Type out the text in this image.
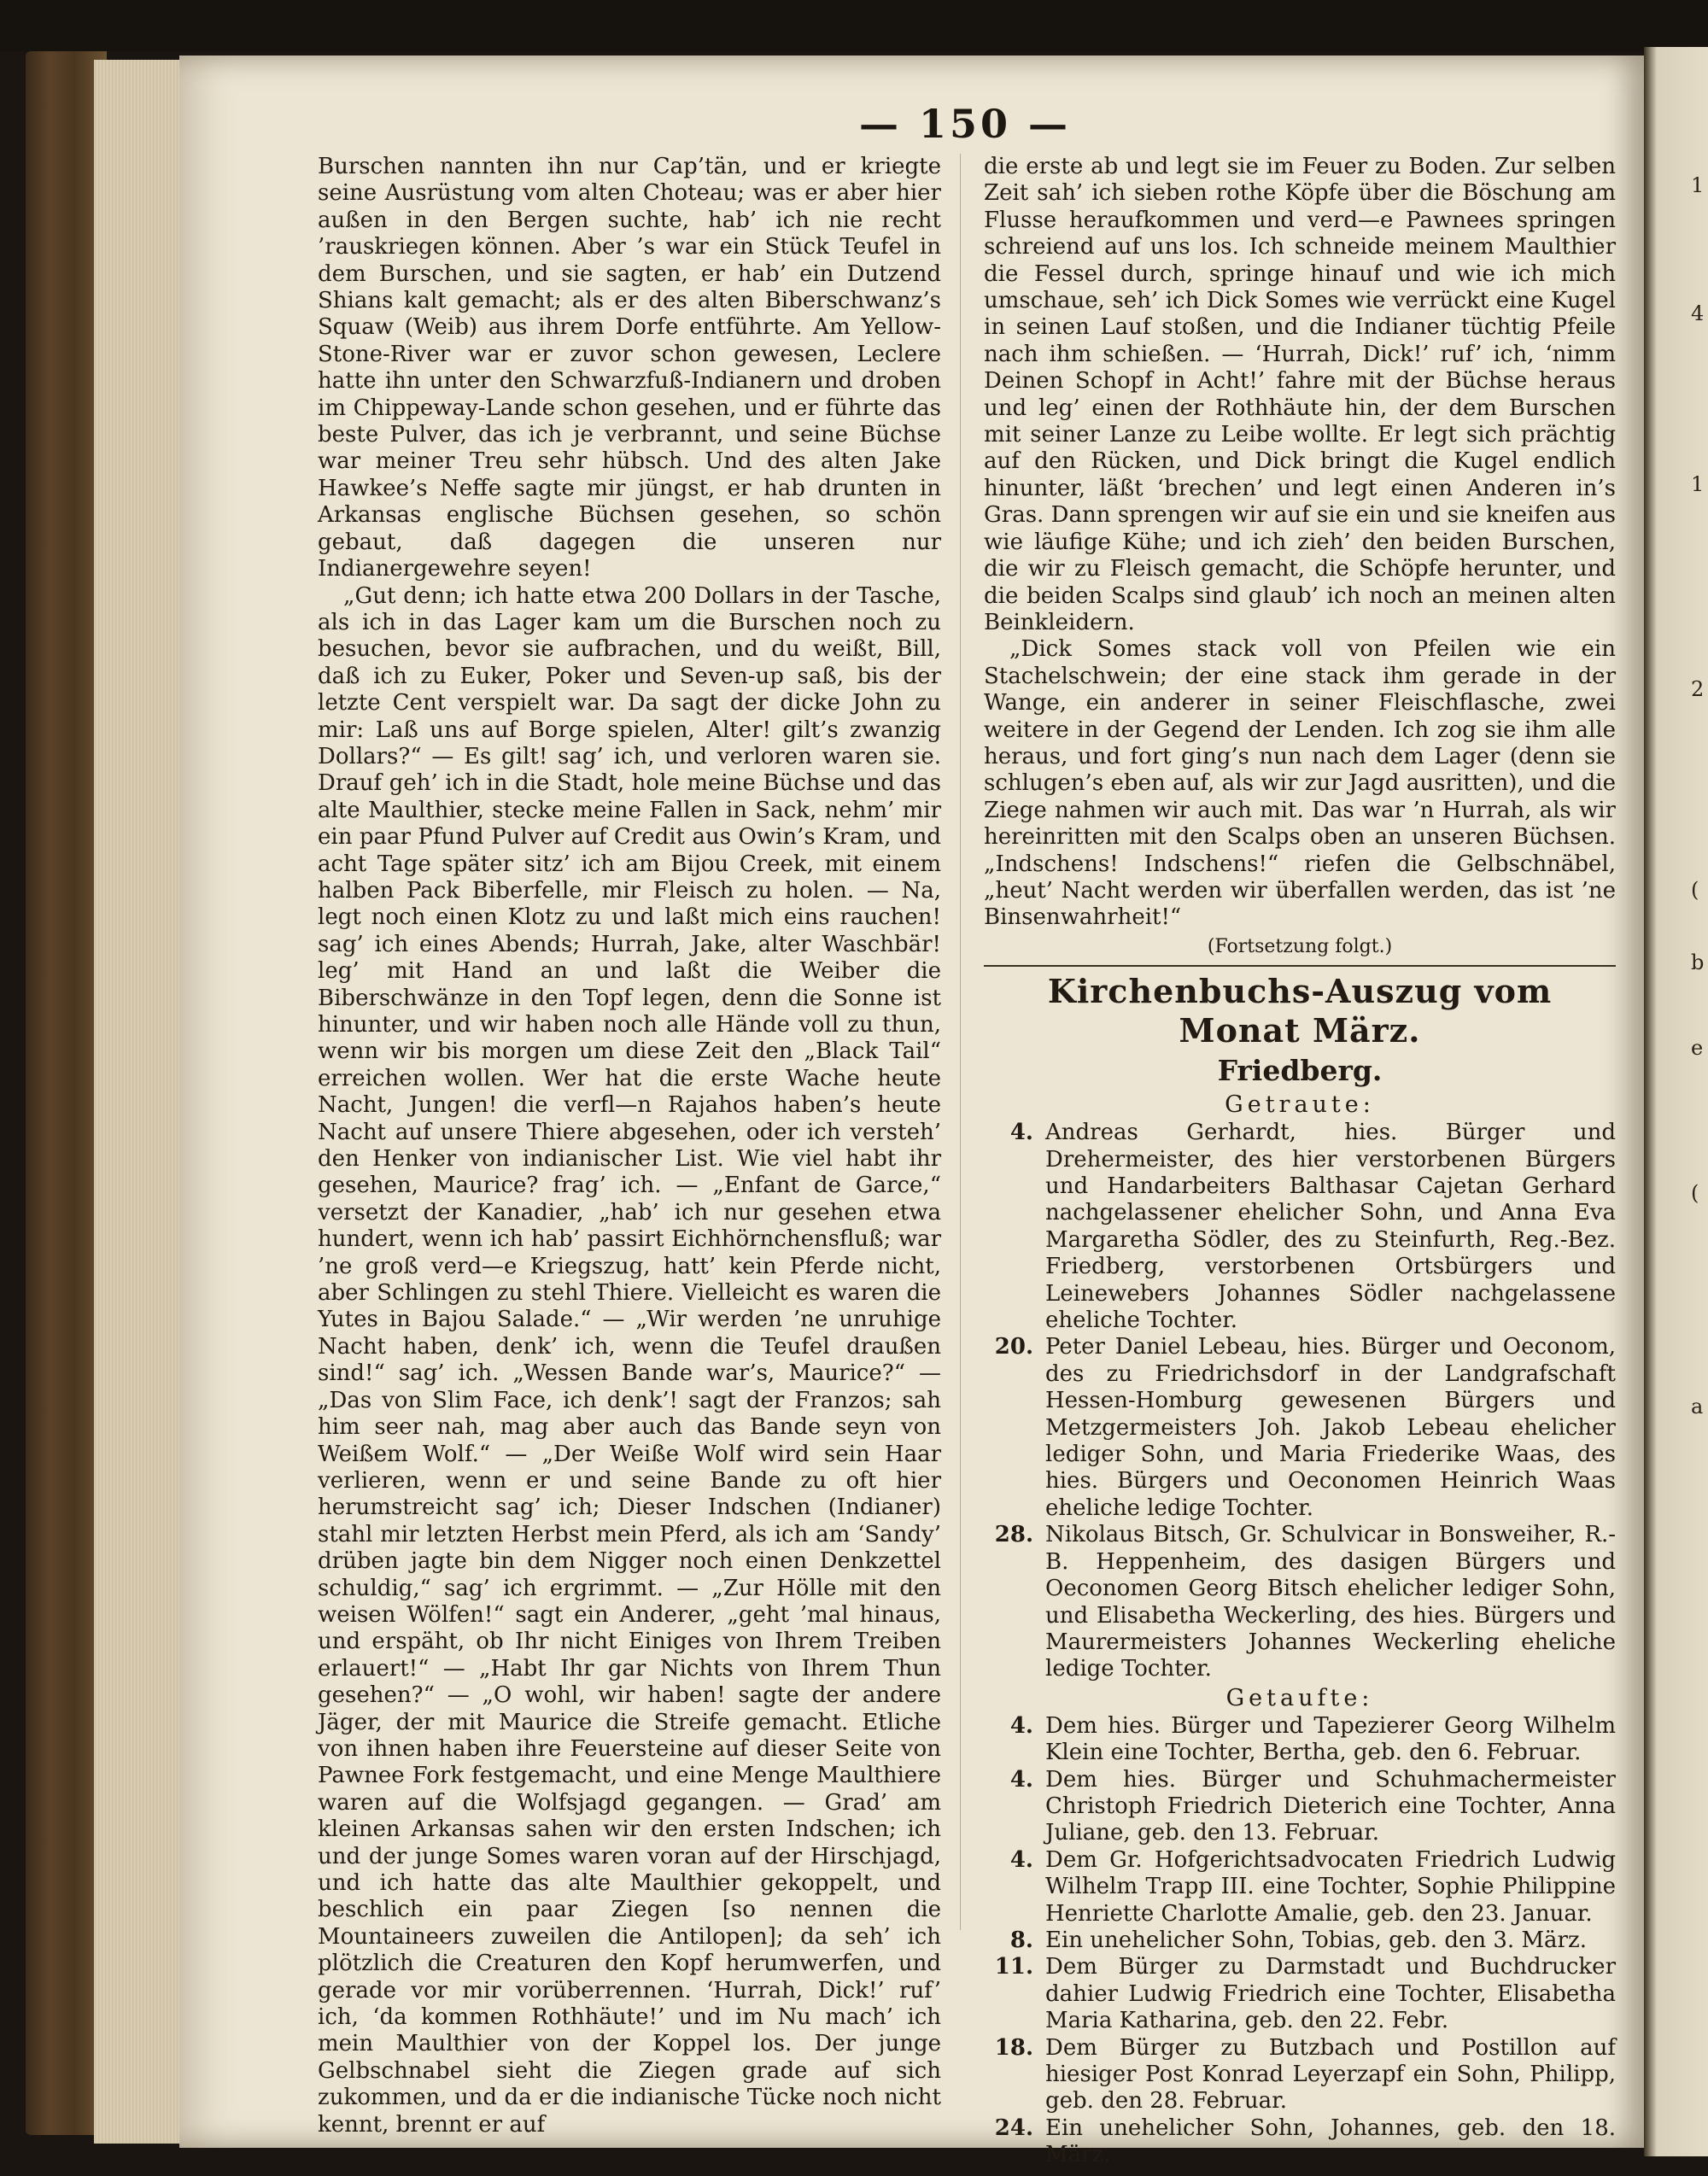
1
4
1
2
(
b
e
(
a
— 150 —

Burschen nannten ihn nur Cap’tän, und er kriegte seine Ausrüstung vom alten Choteau; was er aber hier außen in den Bergen suchte, hab’ ich nie recht ’rauskriegen können. Aber ’s war ein Stück Teufel in dem Burschen, und sie sagten, er hab’ ein Dutzend Shians kalt gemacht; als er des alten Biberschwanz’s Squaw (Weib) aus ihrem Dorfe entführte. Am Yellow-Stone-River war er zuvor schon gewesen, Leclere hatte ihn unter den Schwarzfuß-Indianern und droben im Chippeway-Lande schon gesehen, und er führte das beste Pulver, das ich je verbrannt, und seine Büchse war meiner Treu sehr hübsch. Und des alten Jake Hawkee’s Neffe sagte mir jüngst, er hab drunten in Arkansas englische Büchsen gesehen, so schön gebaut, daß dagegen die unseren nur Indianergewehre seyen!

„Gut denn; ich hatte etwa 200 Dollars in der Tasche, als ich in das Lager kam um die Burschen noch zu besuchen, bevor sie aufbrachen, und du weißt, Bill, daß ich zu Euker, Poker und Seven-up saß, bis der letzte Cent verspielt war. Da sagt der dicke John zu mir: Laß uns auf Borge spielen, Alter! gilt’s zwanzig Dollars?“ — Es gilt! sag’ ich, und verloren waren sie. Drauf geh’ ich in die Stadt, hole meine Büchse und das alte Maulthier, stecke meine Fallen in Sack, nehm’ mir ein paar Pfund Pulver auf Credit aus Owin’s Kram, und acht Tage später sitz’ ich am Bijou Creek, mit einem halben Pack Biberfelle, mir Fleisch zu holen. — Na, legt noch einen Klotz zu und laßt mich eins rauchen! sag’ ich eines Abends; Hurrah, Jake, alter Waschbär! leg’ mit Hand an und laßt die Weiber die Biberschwänze in den Topf legen, denn die Sonne ist hinunter, und wir haben noch alle Hände voll zu thun, wenn wir bis morgen um diese Zeit den „Black Tail“ erreichen wollen. Wer hat die erste Wache heute Nacht, Jungen! die verfl—n Rajahos haben’s heute Nacht auf unsere Thiere abgesehen, oder ich versteh’ den Henker von indianischer List. Wie viel habt ihr gesehen, Maurice? frag’ ich. — „Enfant de Garce,“ versetzt der Kanadier, „hab’ ich nur gesehen etwa hundert, wenn ich hab’ passirt Eichhörnchensfluß; war ’ne groß verd—e Kriegszug, hatt’ kein Pferde nicht, aber Schlingen zu stehl Thiere. Vielleicht es waren die Yutes in Bajou Salade.“ — „Wir werden ’ne unruhige Nacht haben, denk’ ich, wenn die Teufel draußen sind!“ sag’ ich. „Wessen Bande war’s, Maurice?“ — „Das von Slim Face, ich denk’! sagt der Franzos; sah him seer nah, mag aber auch das Bande seyn von Weißem Wolf.“ — „Der Weiße Wolf wird sein Haar verlieren, wenn er und seine Bande zu oft hier herumstreicht sag’ ich; Dieser Indschen (Indianer) stahl mir letzten Herbst mein Pferd, als ich am ‘Sandy’ drüben jagte bin dem Nigger noch einen Denkzettel schuldig,“ sag’ ich ergrimmt. — „Zur Hölle mit den weisen Wölfen!“ sagt ein Anderer, „geht ’mal hinaus, und erspäht, ob Ihr nicht Einiges von Ihrem Treiben erlauert!“ — „Habt Ihr gar Nichts von Ihrem Thun gesehen?“ — „O wohl, wir haben! sagte der andere Jäger, der mit Maurice die Streife gemacht. Etliche von ihnen haben ihre Feuersteine auf dieser Seite von Pawnee Fork festgemacht, und eine Menge Maulthiere waren auf die Wolfsjagd gegangen. — Grad’ am kleinen Arkansas sahen wir den ersten Indschen; ich und der junge Somes waren voran auf der Hirschjagd, und ich hatte das alte Maulthier gekoppelt, und beschlich ein paar Ziegen [so nennen die Mountaineers zuweilen die Antilopen]; da seh’ ich plötzlich die Creaturen den Kopf herumwerfen, und gerade vor mir vorüberrennen. ‘Hurrah, Dick!’ ruf’ ich, ‘da kommen Rothhäute!’ und im Nu mach’ ich mein Maulthier von der Koppel los. Der junge Gelbschnabel sieht die Ziegen grade auf sich zukommen, und da er die indianische Tücke noch nicht kennt, brennt er auf

die erste ab und legt sie im Feuer zu Boden. Zur selben Zeit sah’ ich sieben rothe Köpfe über die Böschung am Flusse heraufkommen und verd—e Pawnees springen schreiend auf uns los. Ich schneide meinem Maulthier die Fessel durch, springe hinauf und wie ich mich umschaue, seh’ ich Dick Somes wie verrückt eine Kugel in seinen Lauf stoßen, und die Indianer tüchtig Pfeile nach ihm schießen. — ‘Hurrah, Dick!’ ruf’ ich, ‘nimm Deinen Schopf in Acht!’ fahre mit der Büchse heraus und leg’ einen der Rothhäute hin, der dem Burschen mit seiner Lanze zu Leibe wollte. Er legt sich prächtig auf den Rücken, und Dick bringt die Kugel endlich hinunter, läßt ‘brechen’ und legt einen Anderen in’s Gras. Dann sprengen wir auf sie ein und sie kneifen aus wie läufige Kühe; und ich zieh’ den beiden Burschen, die wir zu Fleisch gemacht, die Schöpfe herunter, und die beiden Scalps sind glaub’ ich noch an meinen alten Beinkleidern.

„Dick Somes stack voll von Pfeilen wie ein Stachelschwein; der eine stack ihm gerade in der Wange, ein anderer in seiner Fleischflasche, zwei weitere in der Gegend der Lenden. Ich zog sie ihm alle heraus, und fort ging’s nun nach dem Lager (denn sie schlugen’s eben auf, als wir zur Jagd ausritten), und die Ziege nahmen wir auch mit. Das war ’n Hurrah, als wir hereinritten mit den Scalps oben an unseren Büchsen. „Indschens! Indschens!“ riefen die Gelbschnäbel, „heut’ Nacht werden wir überfallen werden, das ist ’ne Binsenwahrheit!“

(Fortsetzung folgt.)
Kirchenbuchs-Auszug vom Monat März.
Friedberg.
Getraute:
4. Andreas Gerhardt, hies. Bürger und Drehermeister, des hier verstorbenen Bürgers und Handarbeiters Balthasar Cajetan Gerhard nachgelassener ehelicher Sohn, und Anna Eva Margaretha Södler, des zu Steinfurth, Reg.-Bez. Friedberg, verstorbenen Ortsbürgers und Leinewebers Johannes Södler nachgelassene eheliche Tochter.
20. Peter Daniel Lebeau, hies. Bürger und Oeconom, des zu Friedrichsdorf in der Landgrafschaft Hessen-Homburg gewesenen Bürgers und Metzgermeisters Joh. Jakob Lebeau ehelicher lediger Sohn, und Maria Friederike Waas, des hies. Bürgers und Oeconomen Heinrich Waas eheliche ledige Tochter.
28. Nikolaus Bitsch, Gr. Schulvicar in Bonsweiher, R.-B. Heppenheim, des dasigen Bürgers und Oeconomen Georg Bitsch ehelicher lediger Sohn, und Elisabetha Weckerling, des hies. Bürgers und Maurermeisters Johannes Weckerling eheliche ledige Tochter.
Getaufte:
4. Dem hies. Bürger und Tapezierer Georg Wilhelm Klein eine Tochter, Bertha, geb. den 6. Februar.
4. Dem hies. Bürger und Schuhmachermeister Christoph Friedrich Dieterich eine Tochter, Anna Juliane, geb. den 13. Februar.
4. Dem Gr. Hofgerichtsadvocaten Friedrich Ludwig Wilhelm Trapp III. eine Tochter, Sophie Philippine Henriette Charlotte Amalie, geb. den 23. Januar.
8. Ein unehelicher Sohn, Tobias, geb. den 3. März.
11. Dem Bürger zu Darmstadt und Buchdrucker dahier Ludwig Friedrich eine Tochter, Elisabetha Maria Katharina, geb. den 22. Febr.
18. Dem Bürger zu Butzbach und Postillon auf hiesiger Post Konrad Leyerzapf ein Sohn, Philipp, geb. den 28. Februar.
24. Ein unehelicher Sohn, Johannes, geb. den 18. März.
